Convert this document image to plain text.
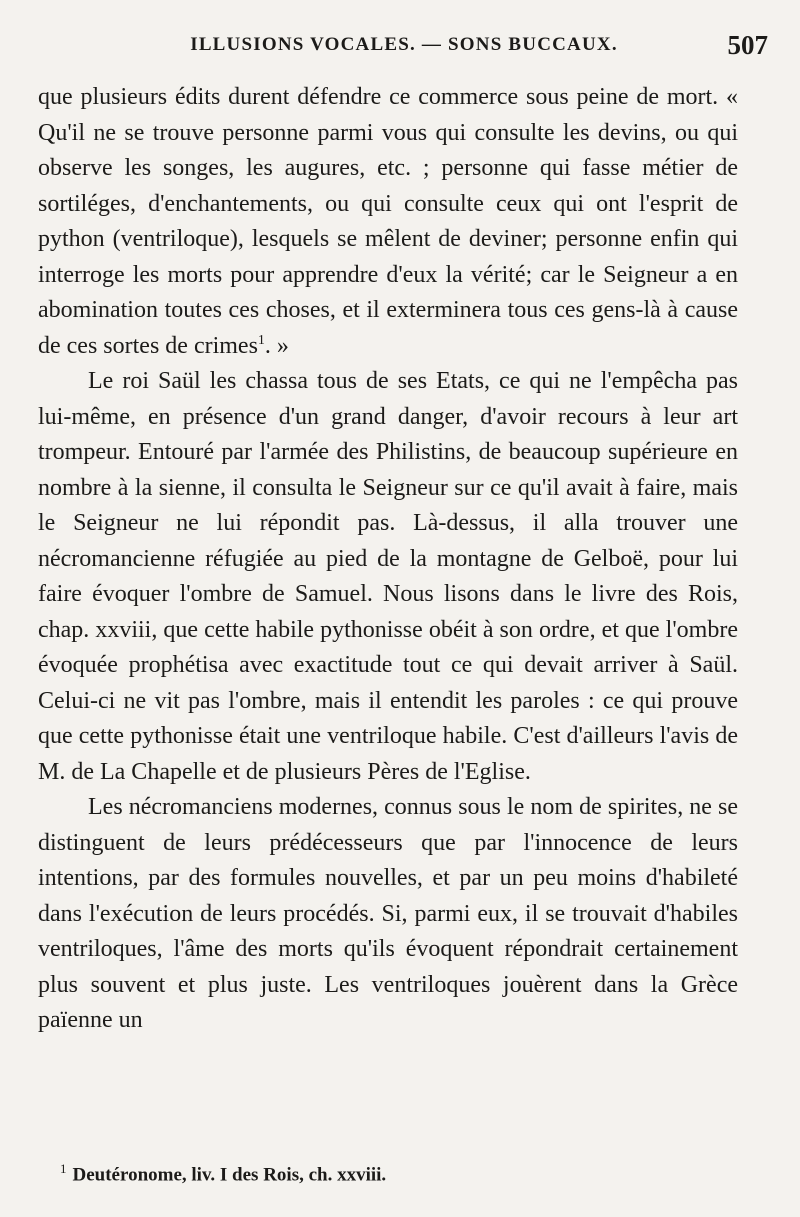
ILLUSIONS VOCALES. — SONS BUCCAUX.	507

que plusieurs édits durent défendre ce commerce sous peine de mort. « Qu'il ne se trouve personne parmi vous qui consulte les devins, ou qui observe les songes, les augures, etc. ; personne qui fasse métier de sortiléges, d'enchantements, ou qui consulte ceux qui ont l'esprit de python (ventriloque), lesquels se mêlent de deviner; personne enfin qui interroge les morts pour apprendre d'eux la vérité; car le Seigneur a en abomination toutes ces choses, et il exterminera tous ces gens-là à cause de ces sortes de crimes$^1$. »

Le roi Saül les chassa tous de ses Etats, ce qui ne l'empêcha pas lui-même, en présence d'un grand danger, d'avoir recours à leur art trompeur. Entouré par l'armée des Philistins, de beaucoup supérieure en nombre à la sienne, il consulta le Seigneur sur ce qu'il avait à faire, mais le Seigneur ne lui répondit pas. Là-dessus, il alla trouver une nécromancienne réfugiée au pied de la montagne de Gelboë, pour lui faire évoquer l'ombre de Samuel. Nous lisons dans le livre des Rois, chap. xxviii, que cette habile pythonisse obéit à son ordre, et que l'ombre évoquée prophétisa avec exactitude tout ce qui devait arriver à Saül. Celui-ci ne vit pas l'ombre, mais il entendit les paroles : ce qui prouve que cette pythonisse était une ventriloque habile. C'est d'ailleurs l'avis de M. de La Chapelle et de plusieurs Pères de l'Eglise.

Les nécromanciens modernes, connus sous le nom de spirites, ne se distinguent de leurs prédécesseurs que par l'innocence de leurs intentions, par des formules nouvelles, et par un peu moins d'habileté dans l'exécution de leurs procédés. Si, parmi eux, il se trouvait d'habiles ventriloques, l'âme des morts qu'ils évoquent répondrait certainement plus souvent et plus juste. Les ventriloques jouèrent dans la Grèce païenne un

$^1$ Deutéronome, liv. I des Rois, ch. xxviii.
